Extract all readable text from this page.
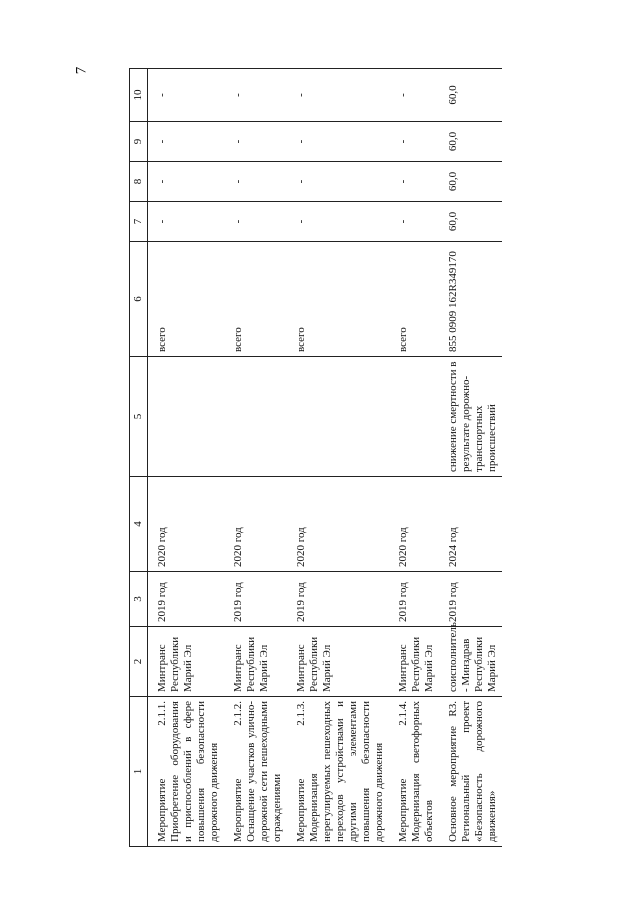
7
1	2	3	4	5	6	7	8	9	10
Мероприятие 2.1.1. Приобретение оборудования и приспособлений в сфере повышения безопасности дорожного движения	Минтранс Республики Марий Эл	2019 год	2020 год		всего	-	-	-	-
Мероприятие 2.1.2. Оснащение участков улично-дорожной сети пешеходными ограждениями	Минтранс Республики Марий Эл	2019 год	2020 год		всего	-	-	-	-
Мероприятие 2.1.3. Модернизация нерегулируемых пешеходных переходов устройствами и другими элементами повышения безопасности дорожного движения	Минтранс Республики Марий Эл	2019 год	2020 год		всего	-	-	-	-
Мероприятие 2.1.4. Модернизация светофорных объектов	Минтранс Республики Марий Эл	2019 год	2020 год		всего	-	-	-	-
Основное мероприятие R3. Региональный проект «Безопасность дорожного движения»	соисполнитель - Минздрав Республики Марий Эл	2019 год	2024 год	снижение смертности в результате дорожно-транспортных происшествий	855 0909 162R349170	60,0	60,0	60,0	60,0
